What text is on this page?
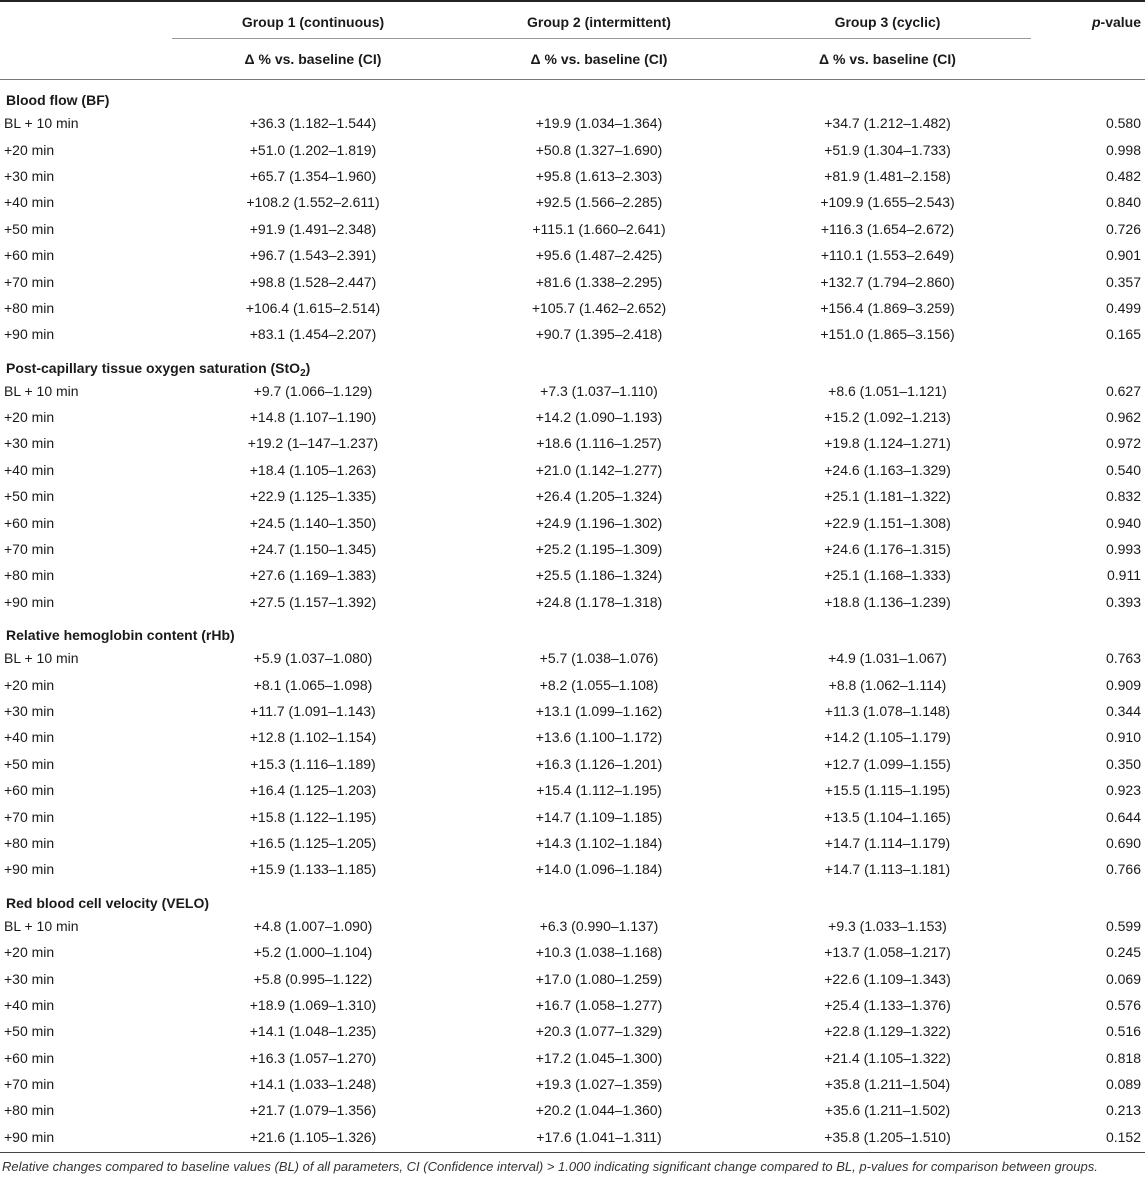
	Group 1 (continuous)	Group 2 (intermittent)	Group 3 (cyclic)	p-value
	Δ % vs. baseline (CI)	Δ % vs. baseline (CI)	Δ % vs. baseline (CI)	

Blood flow (BF)				
BL + 10 min	+36.3 (1.182–1.544)	+19.9 (1.034–1.364)	+34.7 (1.212–1.482)	0.580
+20 min	+51.0 (1.202–1.819)	+50.8 (1.327–1.690)	+51.9 (1.304–1.733)	0.998
+30 min	+65.7 (1.354–1.960)	+95.8 (1.613–2.303)	+81.9 (1.481–2.158)	0.482
+40 min	+108.2 (1.552–2.611)	+92.5 (1.566–2.285)	+109.9 (1.655–2.543)	0.840
+50 min	+91.9 (1.491–2.348)	+115.1 (1.660–2.641)	+116.3 (1.654–2.672)	0.726
+60 min	+96.7 (1.543–2.391)	+95.6 (1.487–2.425)	+110.1 (1.553–2.649)	0.901
+70 min	+98.8 (1.528–2.447)	+81.6 (1.338–2.295)	+132.7 (1.794–2.860)	0.357
+80 min	+106.4 (1.615–2.514)	+105.7 (1.462–2.652)	+156.4 (1.869–3.259)	0.499
+90 min	+83.1 (1.454–2.207)	+90.7 (1.395–2.418)	+151.0 (1.865–3.156)	0.165
Post-capillary tissue oxygen saturation (StO$_2$)				
BL + 10 min	+9.7 (1.066–1.129)	+7.3 (1.037–1.110)	+8.6 (1.051–1.121)	0.627
+20 min	+14.8 (1.107–1.190)	+14.2 (1.090–1.193)	+15.2 (1.092–1.213)	0.962
+30 min	+19.2 (1–147–1.237)	+18.6 (1.116–1.257)	+19.8 (1.124–1.271)	0.972
+40 min	+18.4 (1.105–1.263)	+21.0 (1.142–1.277)	+24.6 (1.163–1.329)	0.540
+50 min	+22.9 (1.125–1.335)	+26.4 (1.205–1.324)	+25.1 (1.181–1.322)	0.832
+60 min	+24.5 (1.140–1.350)	+24.9 (1.196–1.302)	+22.9 (1.151–1.308)	0.940
+70 min	+24.7 (1.150–1.345)	+25.2 (1.195–1.309)	+24.6 (1.176–1.315)	0.993
+80 min	+27.6 (1.169–1.383)	+25.5 (1.186–1.324)	+25.1 (1.168–1.333)	0.911
+90 min	+27.5 (1.157–1.392)	+24.8 (1.178–1.318)	+18.8 (1.136–1.239)	0.393
Relative hemoglobin content (rHb)				
BL + 10 min	+5.9 (1.037–1.080)	+5.7 (1.038–1.076)	+4.9 (1.031–1.067)	0.763
+20 min	+8.1 (1.065–1.098)	+8.2 (1.055–1.108)	+8.8 (1.062–1.114)	0.909
+30 min	+11.7 (1.091–1.143)	+13.1 (1.099–1.162)	+11.3 (1.078–1.148)	0.344
+40 min	+12.8 (1.102–1.154)	+13.6 (1.100–1.172)	+14.2 (1.105–1.179)	0.910
+50 min	+15.3 (1.116–1.189)	+16.3 (1.126–1.201)	+12.7 (1.099–1.155)	0.350
+60 min	+16.4 (1.125–1.203)	+15.4 (1.112–1.195)	+15.5 (1.115–1.195)	0.923
+70 min	+15.8 (1.122–1.195)	+14.7 (1.109–1.185)	+13.5 (1.104–1.165)	0.644
+80 min	+16.5 (1.125–1.205)	+14.3 (1.102–1.184)	+14.7 (1.114–1.179)	0.690
+90 min	+15.9 (1.133–1.185)	+14.0 (1.096–1.184)	+14.7 (1.113–1.181)	0.766
Red blood cell velocity (VELO)				
BL + 10 min	+4.8 (1.007–1.090)	+6.3 (0.990–1.137)	+9.3 (1.033–1.153)	0.599
+20 min	+5.2 (1.000–1.104)	+10.3 (1.038–1.168)	+13.7 (1.058–1.217)	0.245
+30 min	+5.8 (0.995–1.122)	+17.0 (1.080–1.259)	+22.6 (1.109–1.343)	0.069
+40 min	+18.9 (1.069–1.310)	+16.7 (1.058–1.277)	+25.4 (1.133–1.376)	0.576
+50 min	+14.1 (1.048–1.235)	+20.3 (1.077–1.329)	+22.8 (1.129–1.322)	0.516
+60 min	+16.3 (1.057–1.270)	+17.2 (1.045–1.300)	+21.4 (1.105–1.322)	0.818
+70 min	+14.1 (1.033–1.248)	+19.3 (1.027–1.359)	+35.8 (1.211–1.504)	0.089
+80 min	+21.7 (1.079–1.356)	+20.2 (1.044–1.360)	+35.6 (1.211–1.502)	0.213
+90 min	+21.6 (1.105–1.326)	+17.6 (1.041–1.311)	+35.8 (1.205–1.510)	0.152
Relative changes compared to baseline values (BL) of all parameters, CI (Confidence interval) > 1.000 indicating significant change compared to BL, p-values for comparison between groups.
